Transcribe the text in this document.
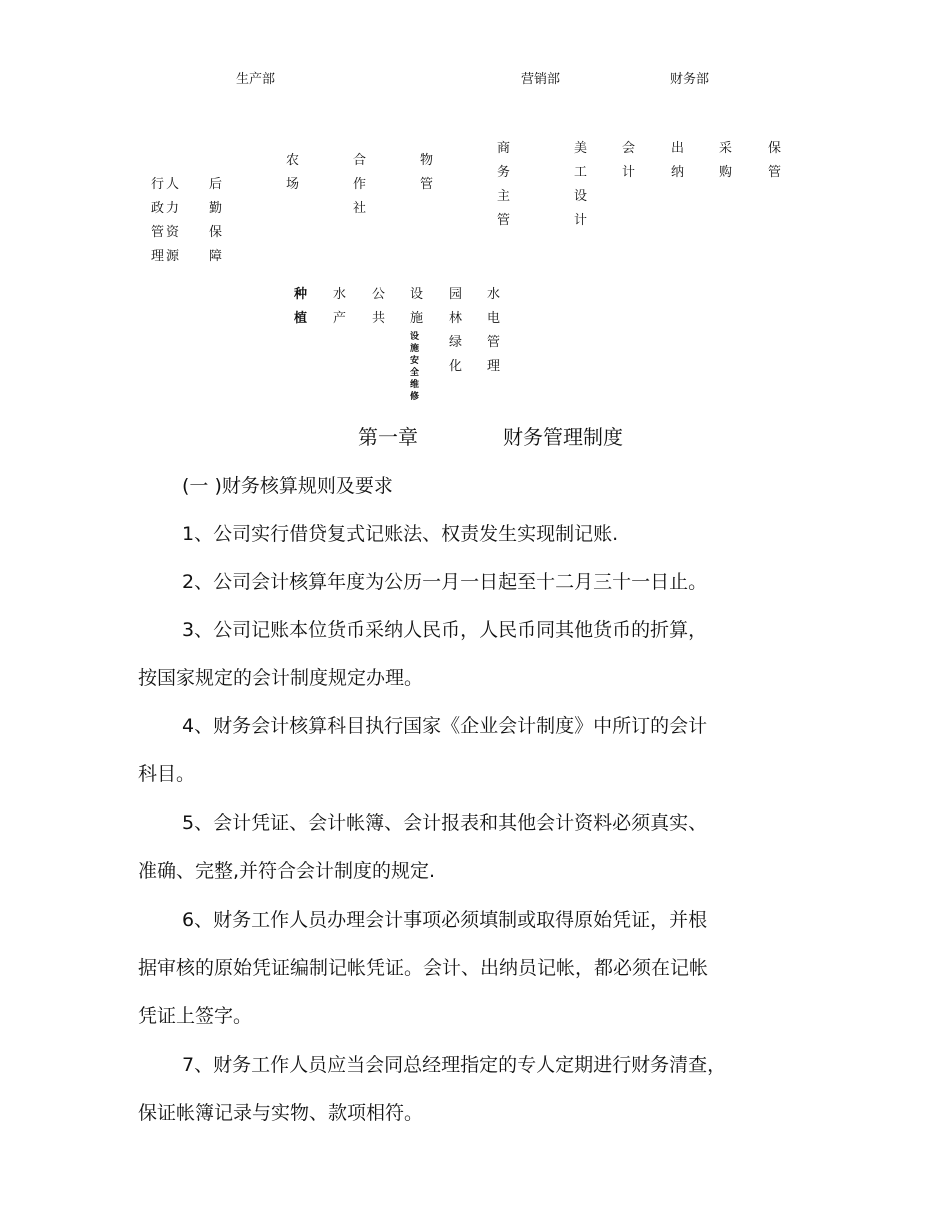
生产部	营销部	财务部
行人政力管资理源
后勤保障
农场
合作社
物管
商务主管
美工设计
会计
出纳
采购
保管
种植
水产
公共
设
施
设施安全维修
园林绿化
水电管理
第一章	财务管理制度
(一 )财务核算规则及要求
1、公司实行借贷复式记账法、权责发生实现制记账.
2、公司会计核算年度为公历一月一日起至十二月三十一日止。
3、公司记账本位货币采纳人民币，人民币同其他货币的折算，
按国家规定的会计制度规定办理。
4、财务会计核算科目执行国家《企业会计制度》中所订的会计
科目。
5、会计凭证、会计帐簿、会计报表和其他会计资料必须真实、
准确、完整,并符合会计制度的规定.
6、财务工作人员办理会计事项必须填制或取得原始凭证，并根
据审核的原始凭证编制记帐凭证。会计、出纳员记帐，都必须在记帐
凭证上签字。
7、财务工作人员应当会同总经理指定的专人定期进行财务清查，
保证帐簿记录与实物、款项相符。
